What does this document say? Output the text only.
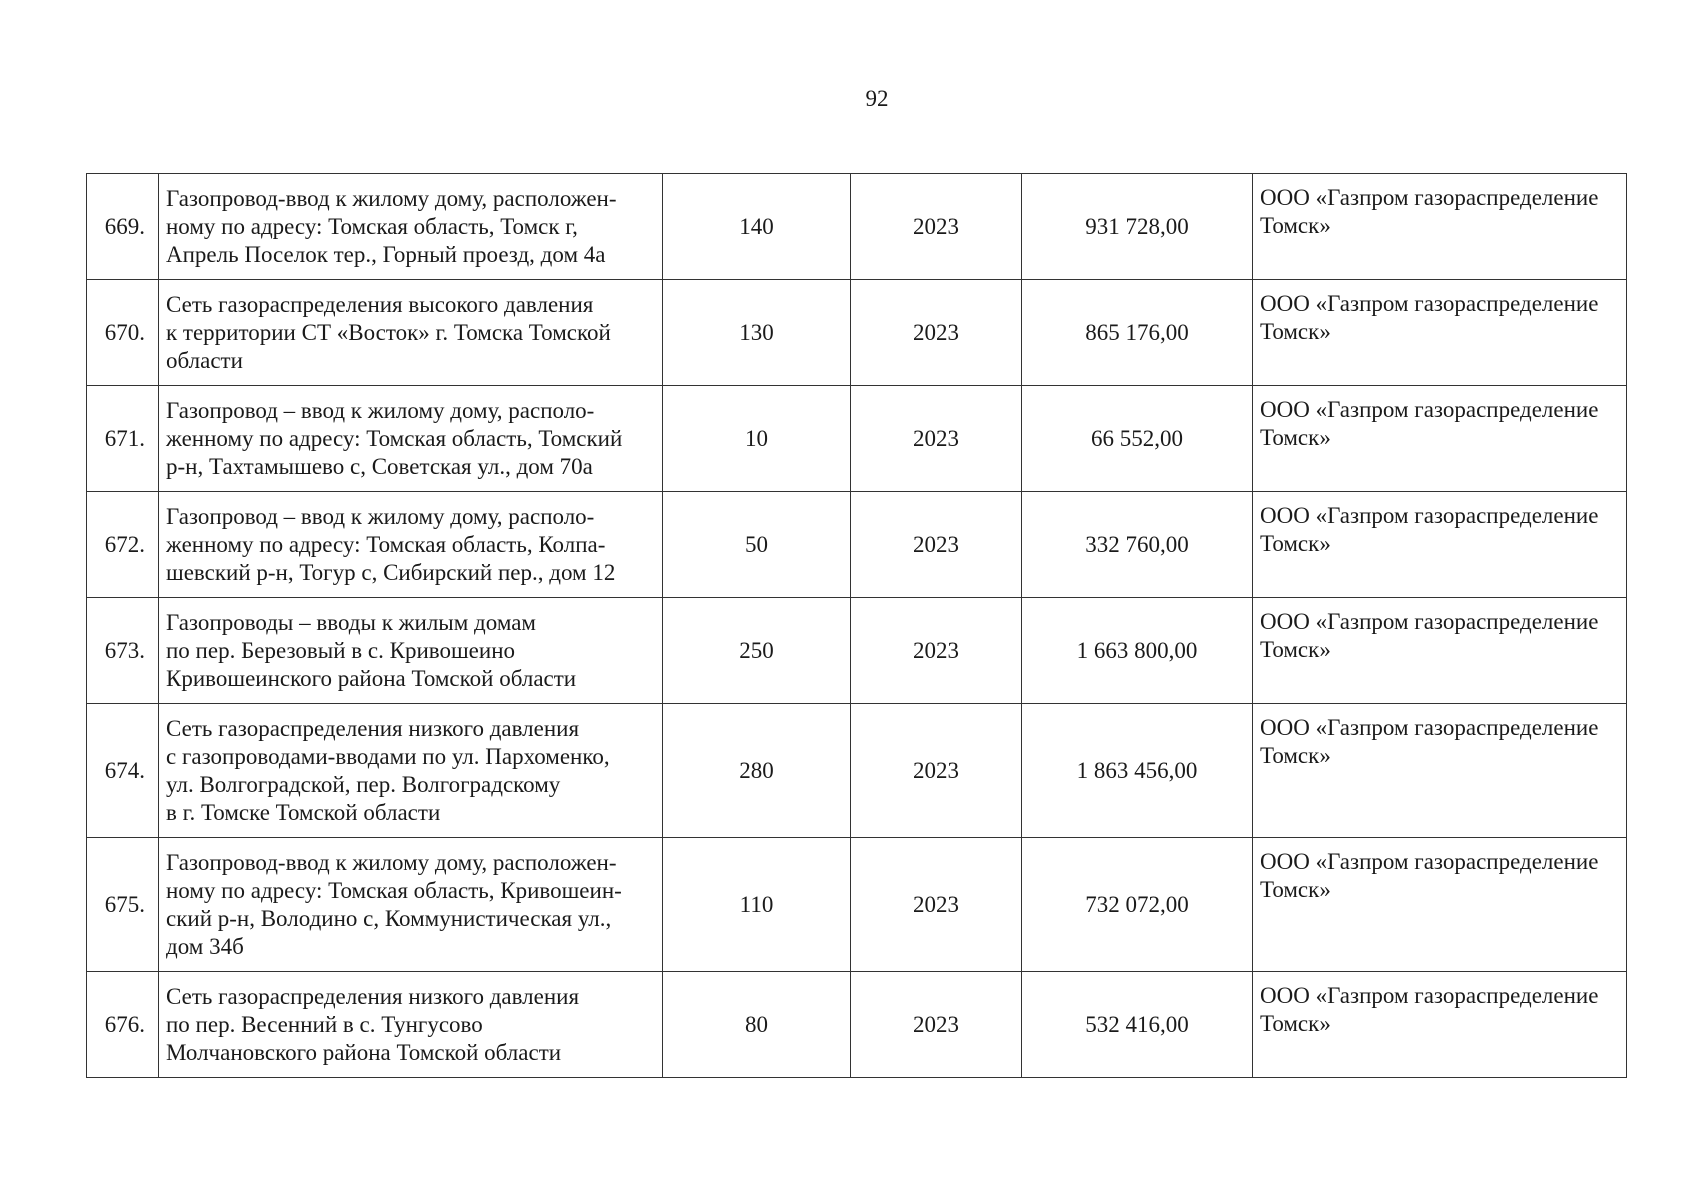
92
669.	Газопровод-ввод к жилому дому, расположен-
ному по адресу: Томская область, Томск г,
Апрель Поселок тер., Горный проезд, дом 4а	140	2023	931 728,00	ООО «Газпром газораспределение
Томск»
670.	Сеть газораспределения высокого давления
к территории СТ «Восток» г. Томска Томской
области	130	2023	865 176,00	ООО «Газпром газораспределение
Томск»
671.	Газопровод – ввод к жилому дому, располо-
женному по адресу: Томская область, Томский
р-н, Тахтамышево с, Советская ул., дом 70а	10	2023	66 552,00	ООО «Газпром газораспределение
Томск»
672.	Газопровод – ввод к жилому дому, располо-
женному по адресу: Томская область, Колпа-
шевский р-н, Тогур с, Сибирский пер., дом 12	50	2023	332 760,00	ООО «Газпром газораспределение
Томск»
673.	Газопроводы – вводы к жилым домам
по пер. Березовый в с. Кривошеино
Кривошеинского района Томской области	250	2023	1 663 800,00	ООО «Газпром газораспределение
Томск»
674.	Сеть газораспределения низкого давления
с газопроводами-вводами по ул. Пархоменко,
ул. Волгоградской, пер. Волгоградскому
в г. Томске Томской области	280	2023	1 863 456,00	ООО «Газпром газораспределение
Томск»
675.	Газопровод-ввод к жилому дому, расположен-
ному по адресу: Томская область, Кривошеин-
ский р-н, Володино с, Коммунистическая ул.,
дом 34б	110	2023	732 072,00	ООО «Газпром газораспределение
Томск»
676.	Сеть газораспределения низкого давления
по пер. Весенний в с. Тунгусово
Молчановского района Томской области	80	2023	532 416,00	ООО «Газпром газораспределение
Томск»
